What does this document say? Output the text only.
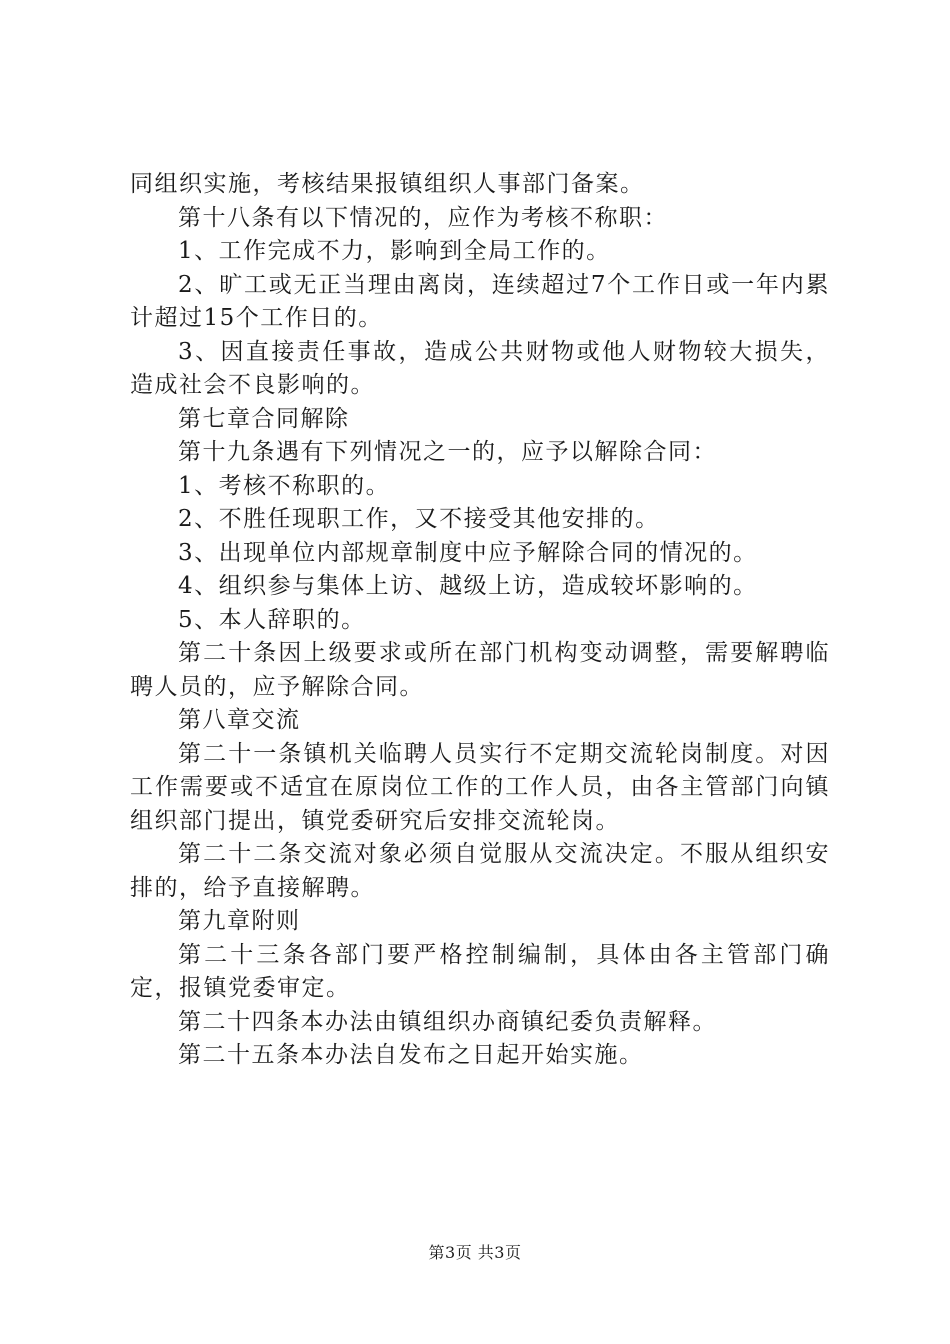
同组织实施，考核结果报镇组织人事部门备案。

第十八条有以下情况的，应作为考核不称职：

1、工作完成不力，影响到全局工作的。

2、旷工或无正当理由离岗，连续超过7个工作日或一年内累计超过15个工作日的。

3、因直接责任事故，造成公共财物或他人财物较大损失，造成社会不良影响的。

第七章合同解除

第十九条遇有下列情况之一的，应予以解除合同：

1、考核不称职的。

2、不胜任现职工作，又不接受其他安排的。

3、出现单位内部规章制度中应予解除合同的情况的。

4、组织参与集体上访、越级上访，造成较坏影响的。

5、本人辞职的。

第二十条因上级要求或所在部门机构变动调整，需要解聘临聘人员的，应予解除合同。

第八章交流

第二十一条镇机关临聘人员实行不定期交流轮岗制度。对因工作需要或不适宜在原岗位工作的工作人员，由各主管部门向镇组织部门提出，镇党委研究后安排交流轮岗。

第二十二条交流对象必须自觉服从交流决定。不服从组织安排的，给予直接解聘。

第九章附则

第二十三条各部门要严格控制编制，具体由各主管部门确定，报镇党委审定。

第二十四条本办法由镇组织办商镇纪委负责解释。

第二十五条本办法自发布之日起开始实施。

第3页 共3页
